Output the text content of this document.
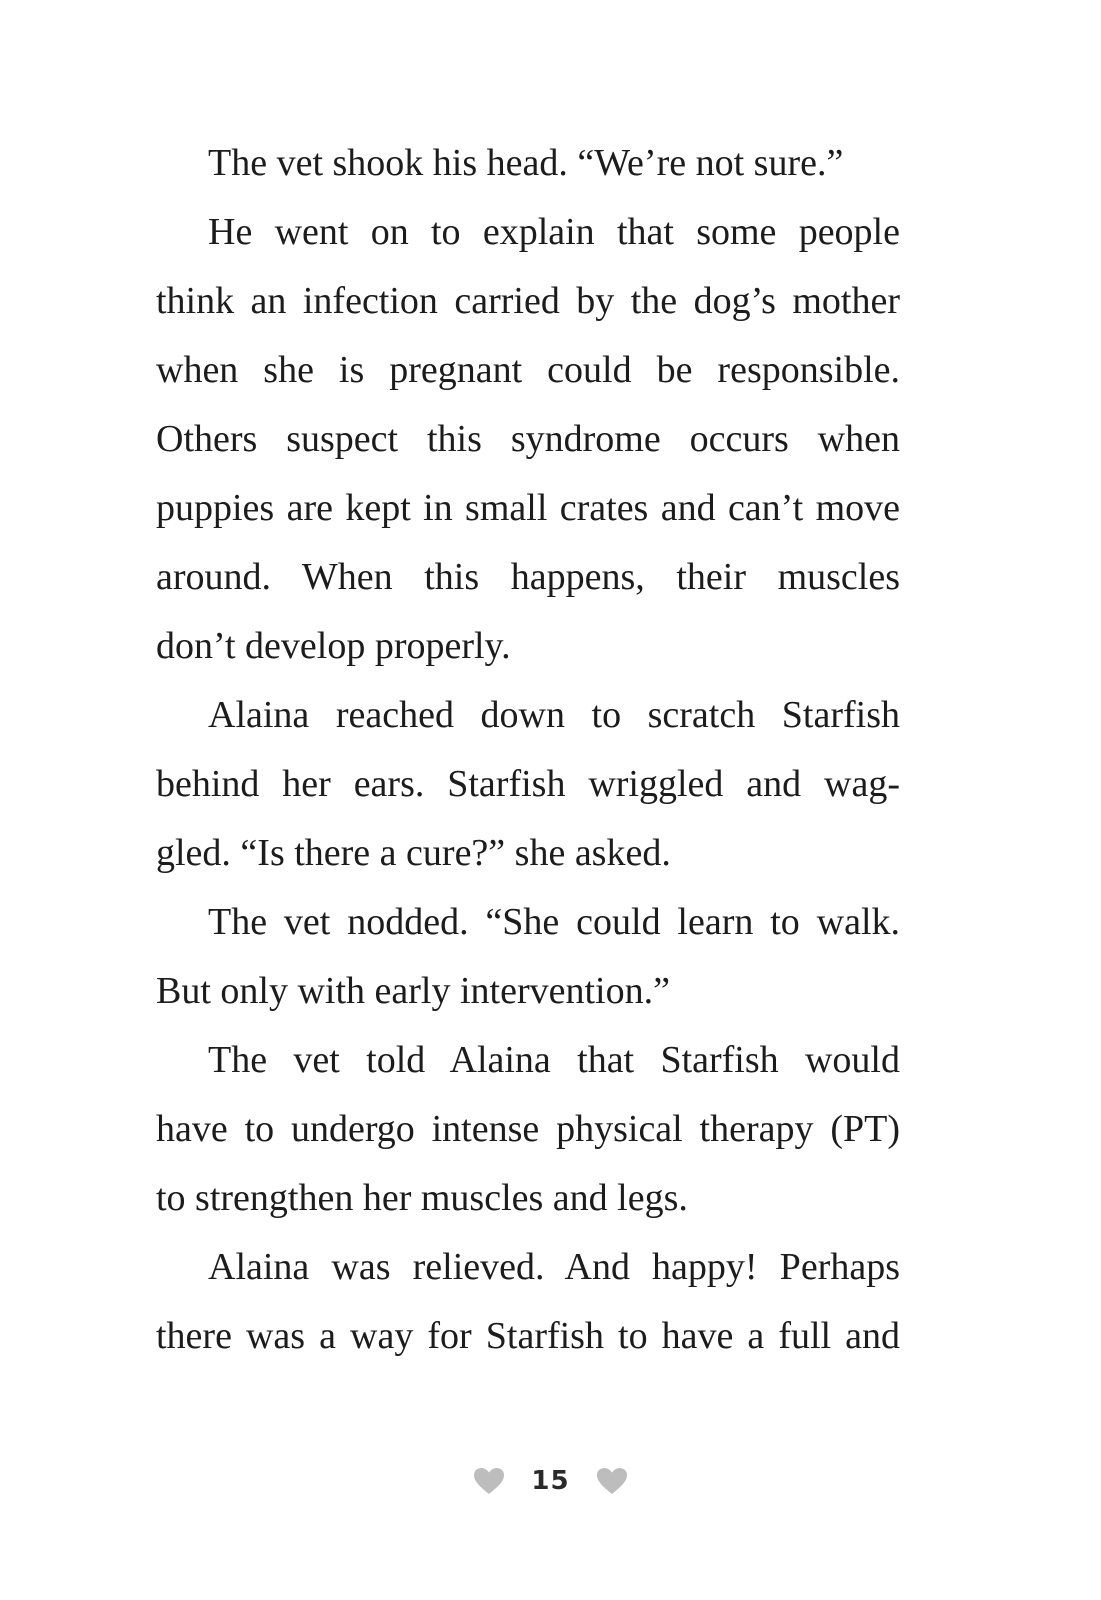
The vet shook his head. “We’re not sure.”
He went on to explain that some people
think an infection carried by the dog’s mother
when she is pregnant could be responsible.
Others suspect this syndrome occurs when
puppies are kept in small crates and can’t move
around. When this happens, their muscles
don’t develop properly.
Alaina reached down to scratch Starfish
behind her ears. Starfish wriggled and wag-
gled. “Is there a cure?” she asked.
The vet nodded. “She could learn to walk.
But only with early intervention.”
The vet told Alaina that Starfish would
have to undergo intense physical therapy (PT)
to strengthen her muscles and legs.
Alaina was relieved. And happy! Perhaps
there was a way for Starfish to have a full and
15
